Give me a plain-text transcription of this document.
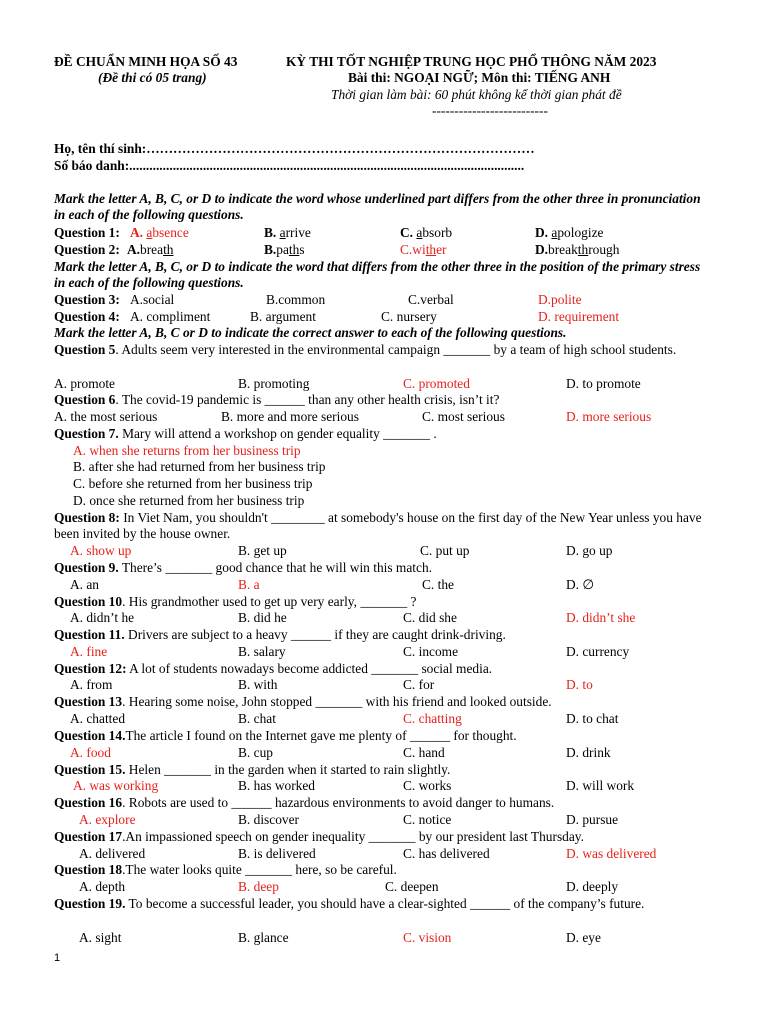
ĐỀ CHUẨN MINH HỌA SỐ 43
(Đề thi có 05 trang)
KỲ THI TỐT NGHIỆP TRUNG HỌC PHỔ THÔNG NĂM 2023
Bài thi: NGOẠI NGỮ; Môn thi: TIẾNG ANH
Thời gian làm bài: 60 phút không kể thời gian phát đề
--------------------------
Họ, tên thí sinh:……………………………………………………………………………
Số báo danh:......................................................................................................................
Mark the letter A, B, C, or D to indicate the word whose underlined part differs from the other three in pronunciation in each of the following questions.
Question 1: A. absence	B. arrive	C. absorb	D. apologize
Question 2: A.breath	B.paths	C.wither	D.breakthrough
Mark the letter A, B, C, or D to indicate the word that differs from the other three in the position of the primary stress in each of the following questions.
Question 3: A.social	B.common	C.verbal	D.polite
Question 4: A. compliment	B. argument	C. nursery	D. requirement
Mark the letter A, B, C or D to indicate the correct answer to each of the following questions.
Question 5. Adults seem very interested in the environmental campaign _______ by a team of high school students.
A. promote	B. promoting	C. promoted	D. to promote
Question 6. The covid-19 pandemic is ______ than any other health crisis, isn’t it?
A. the most serious	B. more and more serious	C. most serious	D. more serious
Question 7. Mary will attend a workshop on gender equality _______ .
A. when she returns from her business trip
B. after she had returned from her business trip
C. before she returned from her business trip
D. once she returned from her business trip
Question 8: In Viet Nam, you shouldn't ________ at somebody's house on the first day of the New Year unless you have been invited by the house owner.
A. show up	B. get up	C. put up	D. go up
Question 9. There’s _______ good chance that he will win this match.
A. an	B. a	C. the	D. ∅
Question 10. His grandmother used to get up very early, _______ ?
A. didn’t he	B. did he	C. did she	D. didn’t she
Question 11. Drivers are subject to a heavy ______ if they are caught drink-driving.
A. fine	B. salary	C. income	D. currency
Question 12: A lot of students nowadays become addicted _______ social media.
A. from	B. with	C. for	D. to
Question 13. Hearing some noise, John stopped _______ with his friend and looked outside.
A. chatted	B. chat	C. chatting	D. to chat
Question 14.The article I found on the Internet gave me plenty of ______ for thought.
A. food	B. cup	C. hand	D. drink
Question 15. Helen _______ in the garden when it started to rain slightly.
A. was working	B. has worked	C. works	D. will work
Question 16. Robots are used to ______ hazardous environments to avoid danger to humans.
A. explore	B. discover	C. notice	D. pursue
Question 17.An impassioned speech on gender inequality _______ by our president last Thursday.
A. delivered	B. is delivered	C. has delivered	D. was delivered
Question 18.The water looks quite _______ here, so be careful.
A. depth	B. deep	C. deepen	D. deeply
Question 19. To become a successful leader, you should have a clear-sighted ______ of the company’s future.
A. sight	B. glance	C. vision	D. eye
1
